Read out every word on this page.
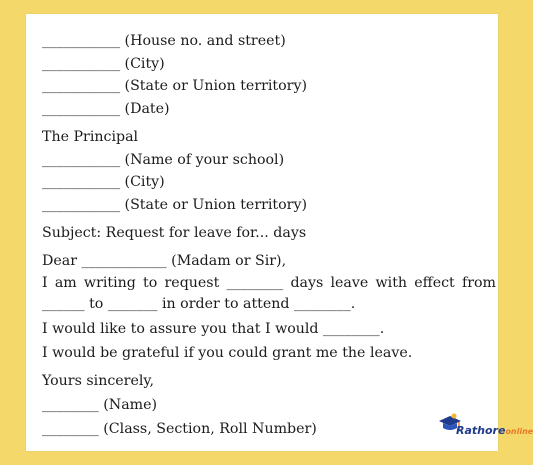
___________ (House no. and street)
___________ (City)
___________ (State or Union territory)
___________ (Date)
The Principal
___________ (Name of your school)
___________ (City)
___________ (State or Union territory)
Subject: Request for leave for... days
Dear ____________ (Madam or Sir),
I am writing to request ________ days leave with effect from ______ to _______ in order to attend ________.
I would like to assure you that I would ________.
I would be grateful if you could grant me the leave.
Yours sincerely,
________ (Name)
________ (Class, Section, Roll Number)	Rathoreonline
